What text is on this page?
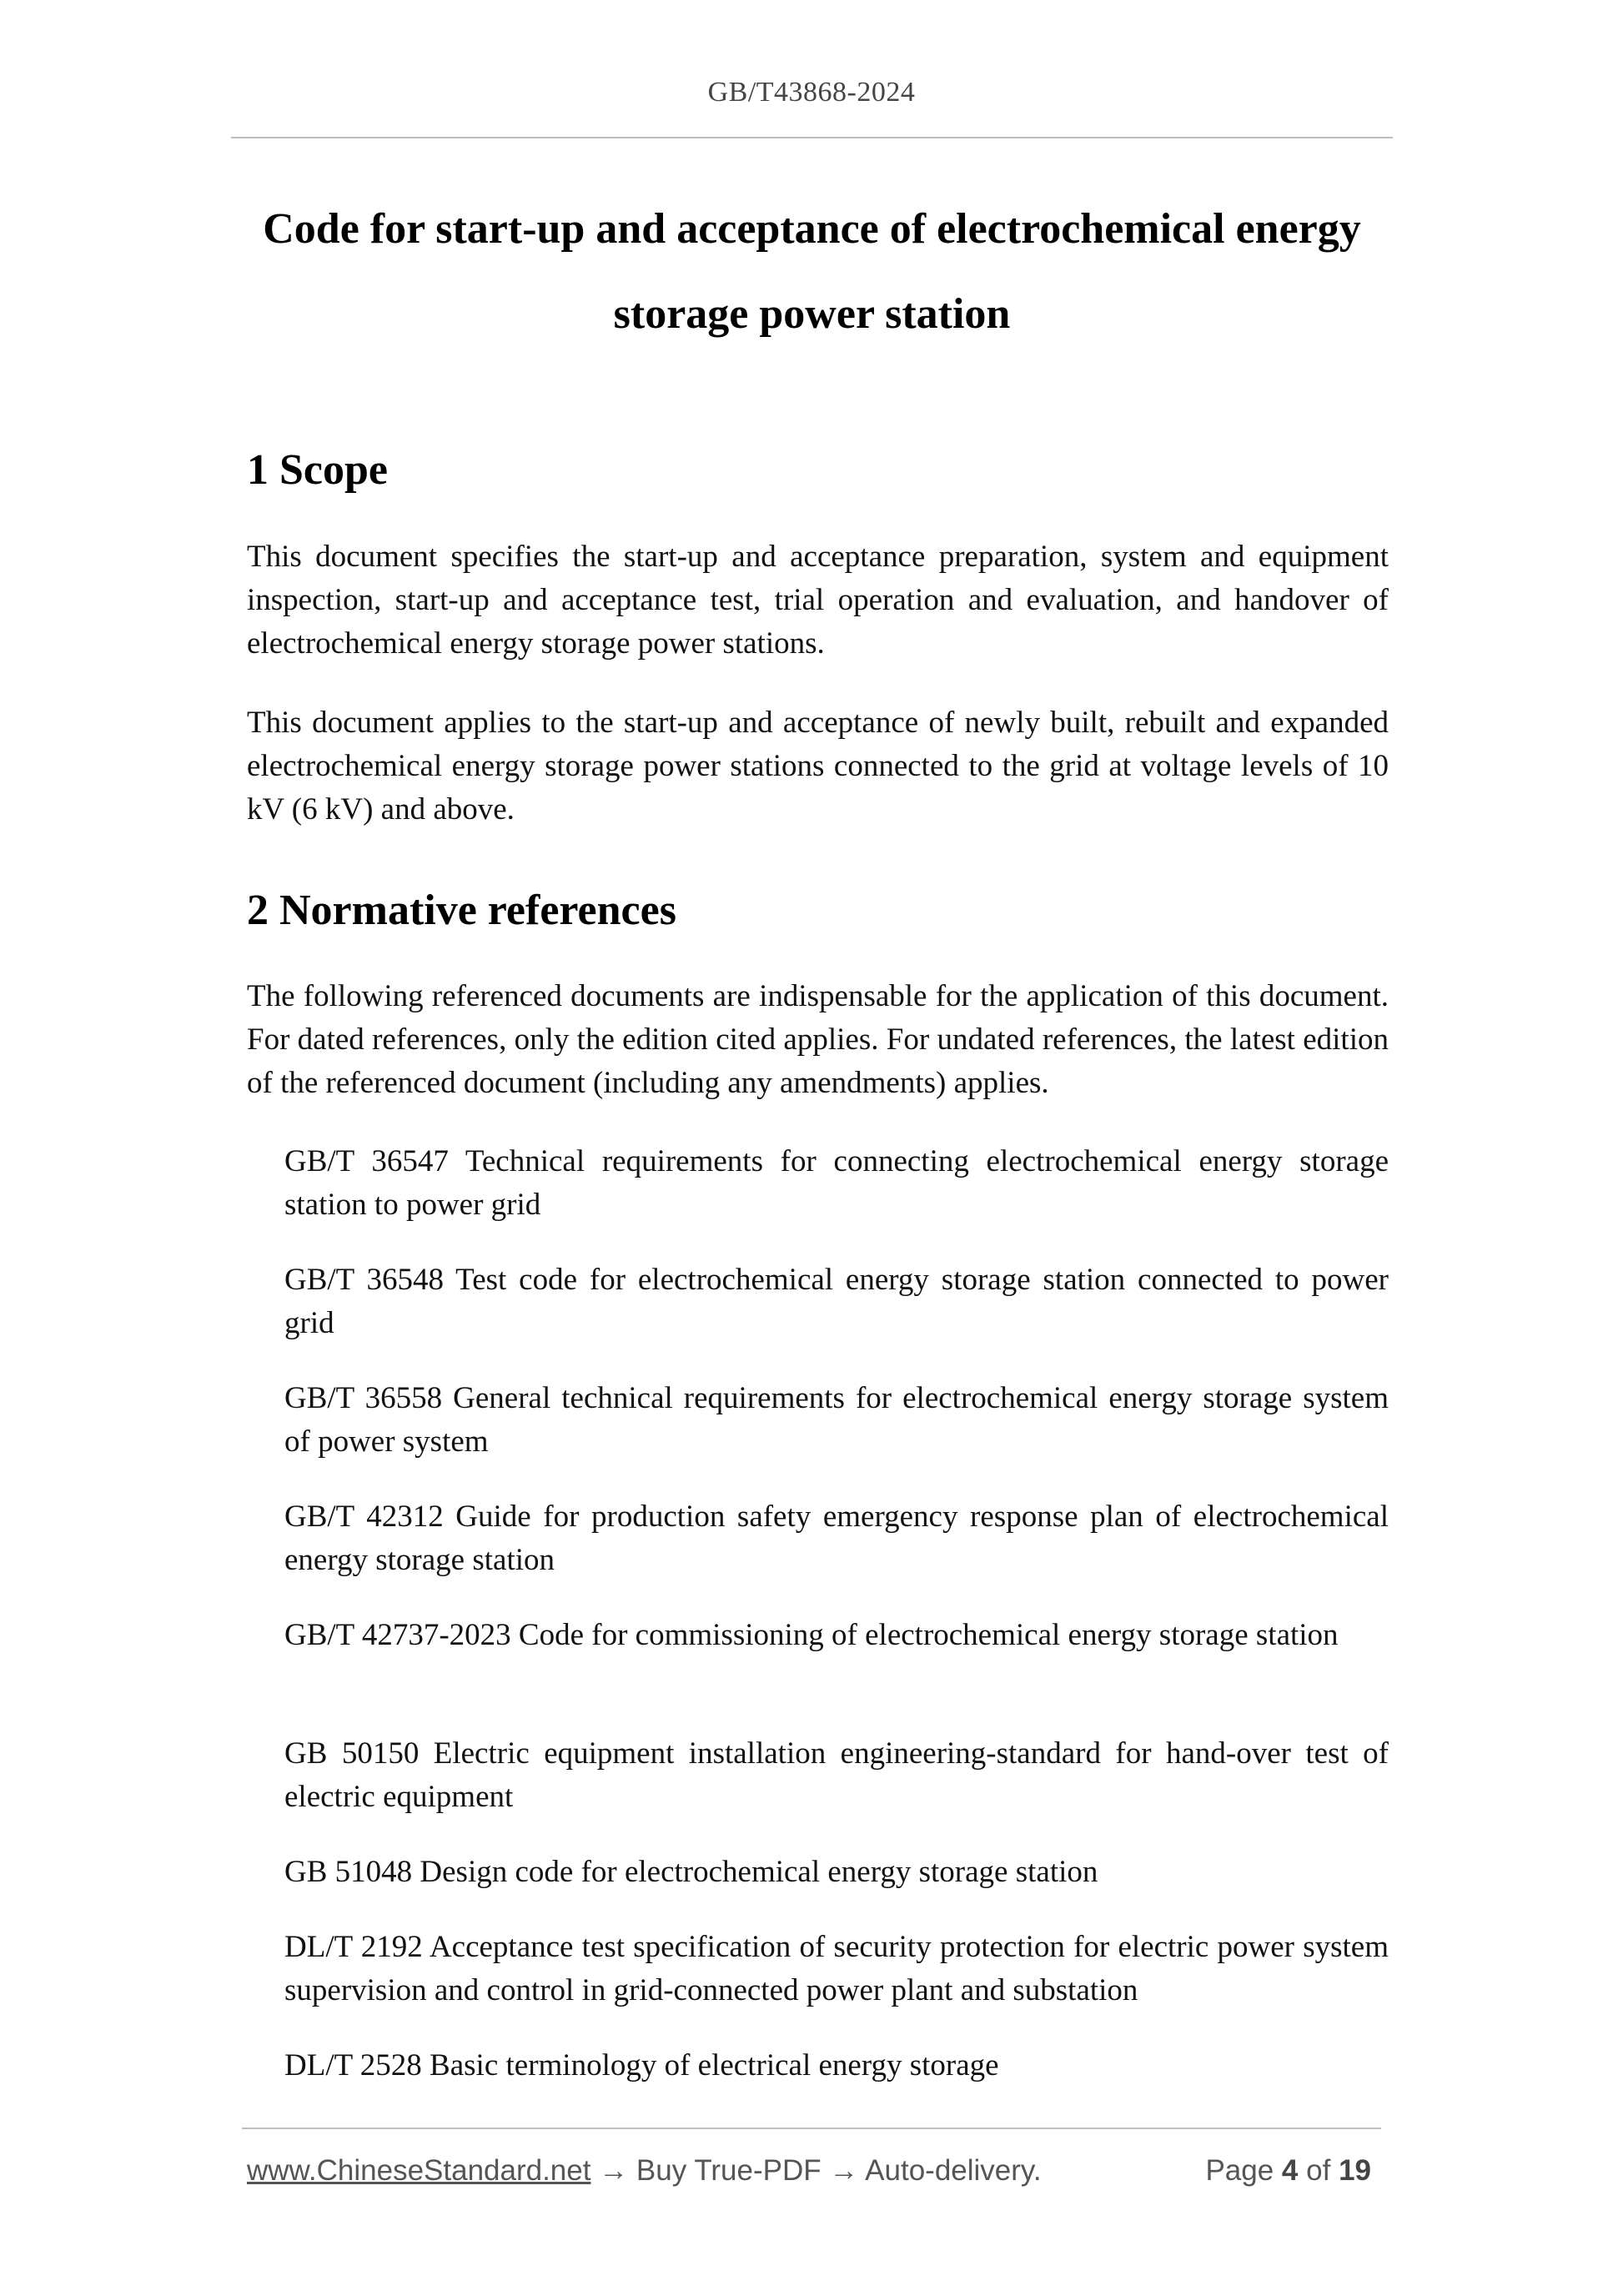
GB/T43868-2024
Code for start-up and acceptance of electrochemical energy
storage power station
1 Scope

This document specifies the start-up and acceptance preparation, system and equipment inspection, start-up and acceptance test, trial operation and evaluation, and handover of electrochemical energy storage power stations.

This document applies to the start-up and acceptance of newly built, rebuilt and expanded electrochemical energy storage power stations connected to the grid at voltage levels of 10 kV (6 kV) and above.

2 Normative references

The following referenced documents are indispensable for the application of this document. For dated references, only the edition cited applies. For undated references, the latest edition of the referenced document (including any amendments) applies.

GB/T 36547 Technical requirements for connecting electrochemical energy storage station to power grid
GB/T 36548 Test code for electrochemical energy storage station connected to power grid
GB/T 36558 General technical requirements for electrochemical energy storage system of power system
GB/T 42312 Guide for production safety emergency response plan of electrochemical energy storage station
GB/T 42737-2023 Code for commissioning of electrochemical energy storage station
GB 50150 Electric equipment installation engineering-standard for hand-over test of electric equipment
GB 51048 Design code for electrochemical energy storage station
DL/T 2192 Acceptance test specification of security protection for electric power system supervision and control in grid-connected power plant and substation
DL/T 2528 Basic terminology of electrical energy storage
www.ChineseStandard.net → Buy True-PDF → Auto-delivery.	Page 4 of 19
